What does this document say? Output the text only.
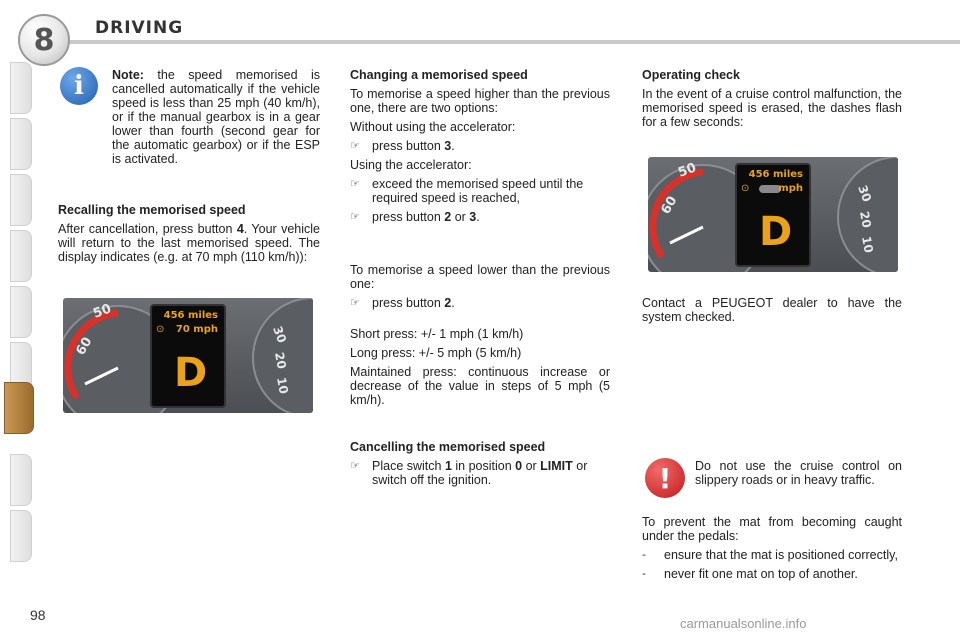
8	DRIVING
i	Note: the speed memorised is cancelled automatically if the vehicle speed is less than 25 mph (40 km/h), or if the manual gearbox is in a gear lower than fourth (second gear for the automatic gearbox) or if the ESP is activated.

Recalling the memorised speed

After cancellation, press button 4. Your vehicle will return to the last memorised speed. The display indicates (e.g. at 70 mph (110 km/h)):

60
50
30
20
10
456 miles
⊙ 70 mph
D
Changing a memorised speed

To memorise a speed higher than the previous one, there are two options:

Without using the accelerator:

☞ press button 3.

Using the accelerator:

☞ exceed the memorised speed until the required speed is reached,
☞ press button 2 or 3.

To memorise a speed lower than the previous one:

☞ press button 2.

Short press: +/- 1 mph (1 km/h)

Long press: +/- 5 mph (5 km/h)

Maintained press: continuous increase or decrease of the value in steps of 5 mph (5 km/h).

Cancelling the memorised speed
☞ Place switch 1 in position 0 or LIMIT or switch off the ignition.
Operating check

In the event of a cruise control malfunction, the memorised speed is erased, the dashes flash for a few seconds:

60
50
30
20
10
456 miles
⊙	mph
D

Contact a PEUGEOT dealer to have the system checked.

!	Do not use the cruise control on slippery roads or in heavy traffic.

To prevent the mat from becoming caught under the pedals:

-	ensure that the mat is positioned correctly,
-	never fit one mat on top of another.
98
carmanualsonline.info
